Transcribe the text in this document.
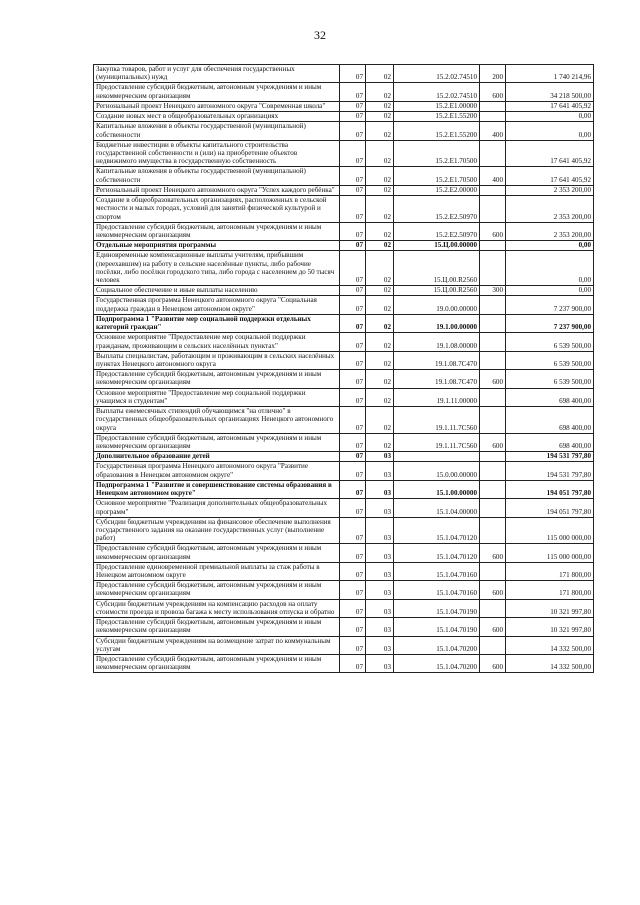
32
Закупка товаров, работ и услуг для обеспечения государственных (муниципальных) нужд	07	02	15.2.02.74510	200	1 740 214,96
Предоставление субсидий бюджетным, автономным учреждениям и иным некоммерческим организациям	07	02	15.2.02.74510	600	34 218 500,00
Региональный проект Ненецкого автономного округа "Современная школа"	07	02	15.2.Е1.00000		17 641 405,92
Создание новых мест в общеобразовательных организациях	07	02	15.2.Е1.55200		0,00
Капитальные вложения в объекты государственной (муниципальной) собственности	07	02	15.2.Е1.55200	400	0,00
Бюджетные инвестиции в объекты капитального строительства государственной собственности и (или) на приобретение объектов недвижимого имущества в государственную собственность	07	02	15.2.Е1.70500		17 641 405,92
Капитальные вложения в объекты государственной (муниципальной) собственности	07	02	15.2.Е1.70500	400	17 641 405,92
Региональный проект Ненецкого автономного округа "Успех каждого ребёнка"	07	02	15.2.Е2.00000		2 353 200,00
Создание в общеобразовательных организациях, расположенных в сельской местности и малых городах, условий для занятий физической культурой и спортом	07	02	15.2.Е2.50970		2 353 200,00
Предоставление субсидий бюджетным, автономным учреждениям и иным некоммерческим организациям	07	02	15.2.Е2.50970	600	2 353 200,00
Отдельные мероприятия программы	07	02	15.Ц.00.00000		0,00
Единовременные компенсационные выплаты учителям, прибывшим (переехавшим) на работу в сельские населённые пункты, либо рабочие посёлки, либо посёлки городского типа, либо города с населением до 50 тысяч человек	07	02	15.Ц.00.R2560		0,00
Социальное обеспечение и иные выплаты населению	07	02	15.Ц.00.R2560	300	0,00
Государственная программа Ненецкого автономного округа "Социальная поддержка граждан в Ненецком автономном округе"	07	02	19.0.00.00000		7 237 900,00
Подпрограмма 1 "Развитие мер социальной поддержки отдельных категорий граждан"	07	02	19.1.00.00000		7 237 900,00
Основное мероприятие "Предоставление мер социальной поддержки гражданам, проживающим в сельских населённых пунктах"	07	02	19.1.08.00000		6 539 500,00
Выплаты специалистам, работающим и проживающим в сельских населённых пунктах Ненецкого автономного округа	07	02	19.1.08.7С470		6 539 500,00
Предоставление субсидий бюджетным, автономным учреждениям и иным некоммерческим организациям	07	02	19.1.08.7С470	600	6 539 500,00
Основное мероприятие "Предоставление мер социальной поддержки учащимся и студентам"	07	02	19.1.11.00000		698 400,00
Выплаты ежемесячных стипендий обучающимся "на отлично" в государственных общеобразовательных организациях Ненецкого автономного округа	07	02	19.1.11.7С560		698 400,00
Предоставление субсидий бюджетным, автономным учреждениям и иным некоммерческим организациям	07	02	19.1.11.7С560	600	698 400,00
Дополнительное образование детей	07	03			194 531 797,80
Государственная программа Ненецкого автономного округа "Развитие образования в Ненецком автономном округе"	07	03	15.0.00.00000		194 531 797,80
Подпрограмма 1 "Развитие и совершенствование системы образования в Ненецком автономном округе"	07	03	15.1.00.00000		194 051 797,80
Основное мероприятие "Реализация дополнительных общеобразовательных программ"	07	03	15.1.04.00000		194 051 797,80
Субсидии бюджетным учреждениям на финансовое обеспечение выполнения государственного задания на оказание государственных услуг (выполнение работ)	07	03	15.1.04.70120		115 000 000,00
Предоставление субсидий бюджетным, автономным учреждениям и иным некоммерческим организациям	07	03	15.1.04.70120	600	115 000 000,00
Предоставление единовременной премиальной выплаты за стаж работы в Ненецком автономном округе	07	03	15.1.04.70160		171 800,00
Предоставление субсидий бюджетным, автономным учреждениям и иным некоммерческим организациям	07	03	15.1.04.70160	600	171 800,00
Субсидии бюджетным учреждениям на компенсацию расходов на оплату стоимости проезда и провоза багажа к месту использования отпуска и обратно	07	03	15.1.04.70190		10 321 997,80
Предоставление субсидий бюджетным, автономным учреждениям и иным некоммерческим организациям	07	03	15.1.04.70190	600	10 321 997,80
Субсидии бюджетным учреждениям на возмещение затрат по коммунальным услугам	07	03	15.1.04.70200		14 332 500,00
Предоставление субсидий бюджетным, автономным учреждениям и иным некоммерческим организациям	07	03	15.1.04.70200	600	14 332 500,00
